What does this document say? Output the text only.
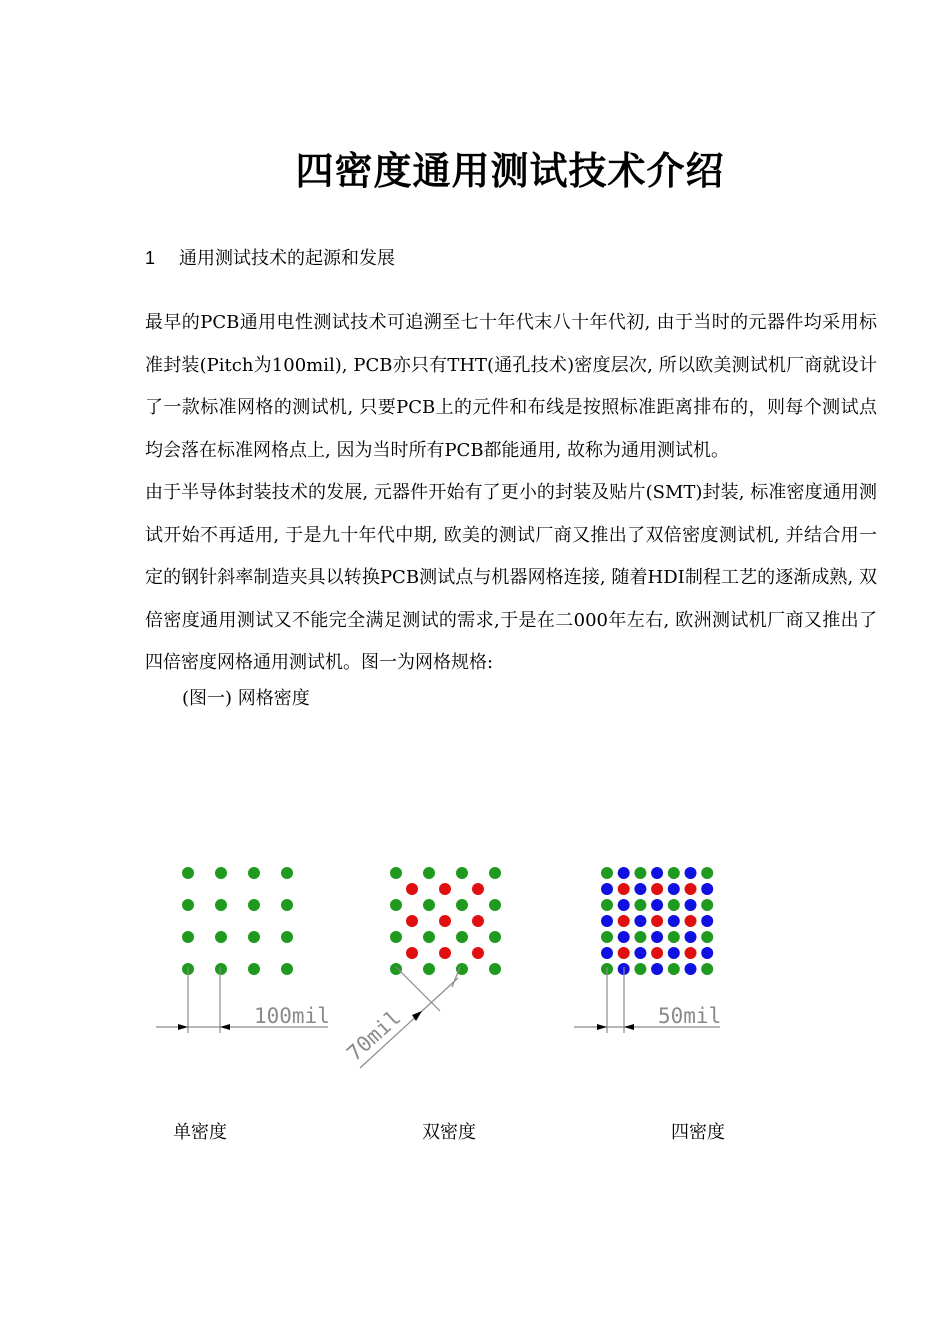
四密度通用测试技术介绍
1 通用测试技术的起源和发展

最早的PCB通用电性测试技术可追溯至七十年代末八十年代初, 由于当时的元器件均采用标准封装(Pitch为100mil), PCB亦只有THT(通孔技术)密度层次, 所以欧美测试机厂商就设计了一款标准网格的测试机, 只要PCB上的元件和布线是按照标准距离排布的，则每个测试点均会落在标准网格点上, 因为当时所有PCB都能通用, 故称为通用测试机。

由于半导体封装技术的发展, 元器件开始有了更小的封装及贴片(SMT)封装, 标准密度通用测试开始不再适用, 于是九十年代中期, 欧美的测试厂商又推出了双倍密度测试机, 并结合用一定的钢针斜率制造夹具以转换PCB测试点与机器网格连接, 随着HDI制程工艺的逐渐成熟, 双倍密度通用测试又不能完全满足测试的需求,于是在二000年左右, 欧洲测试机厂商又推出了四倍密度网格通用测试机。图一为网格规格:

(图一) 网格密度
100mil 70mil	50mil
单密度	双密度	四密度
